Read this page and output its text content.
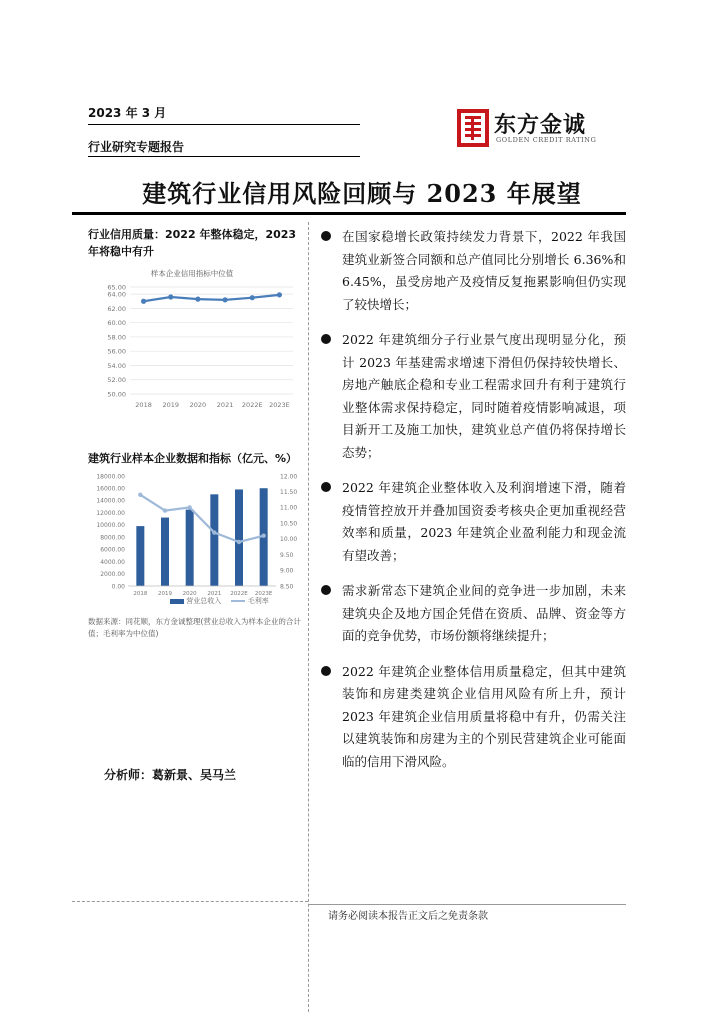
2023 年 3 月
行业研究专题报告
东方金诚
GOLDEN CREDIT RATING
建筑行业信用风险回顾与 2023 年展望
行业信用质量：2022 年整体稳定，2023 年将稳中有升
样本企业信用指标中位值
65.00
64.00
62.00
60.00
58.00
56.00
54.00
52.00
50.00
2018 2019 2020 2021 2022E 2023E
建筑行业样本企业数据和指标（亿元、%）
18000.00
16000.00
14000.00
12000.00
10000.00
8000.00
6000.00
4000.00
2000.00
0.00
12.00
11.50
11.00
10.50
10.00
9.50
9.00
8.50
2018 2019 2020 2021 2022E 2023E
营业总收入	毛利率
数据来源：同花顺，东方金诚整理(营业总收入为样本企业的合计值；毛利率为中位值)
分析师：葛新景、吴马兰
请务必阅读本报告正文后之免责条款
在国家稳增长政策持续发力背景下，2022 年我国建筑业新签合同额和总产值同比分别增长 6.36%和 6.45%，虽受房地产及疫情反复拖累影响但仍实现了较快增长；
2022 年建筑细分子行业景气度出现明显分化，预计 2023 年基建需求增速下滑但仍保持较快增长、房地产触底企稳和专业工程需求回升有利于建筑行业整体需求保持稳定，同时随着疫情影响减退，项目新开工及施工加快，建筑业总产值仍将保持增长态势；
2022 年建筑企业整体收入及利润增速下滑，随着疫情管控放开并叠加国资委考核央企更加重视经营效率和质量，2023 年建筑企业盈利能力和现金流有望改善；
需求新常态下建筑企业间的竞争进一步加剧，未来建筑央企及地方国企凭借在资质、品牌、资金等方面的竞争优势，市场份额将继续提升；
2022 年建筑企业整体信用质量稳定，但其中建筑装饰和房建类建筑企业信用风险有所上升，预计 2023 年建筑企业信用质量将稳中有升，仍需关注以建筑装饰和房建为主的个别民营建筑企业可能面临的信用下滑风险。
